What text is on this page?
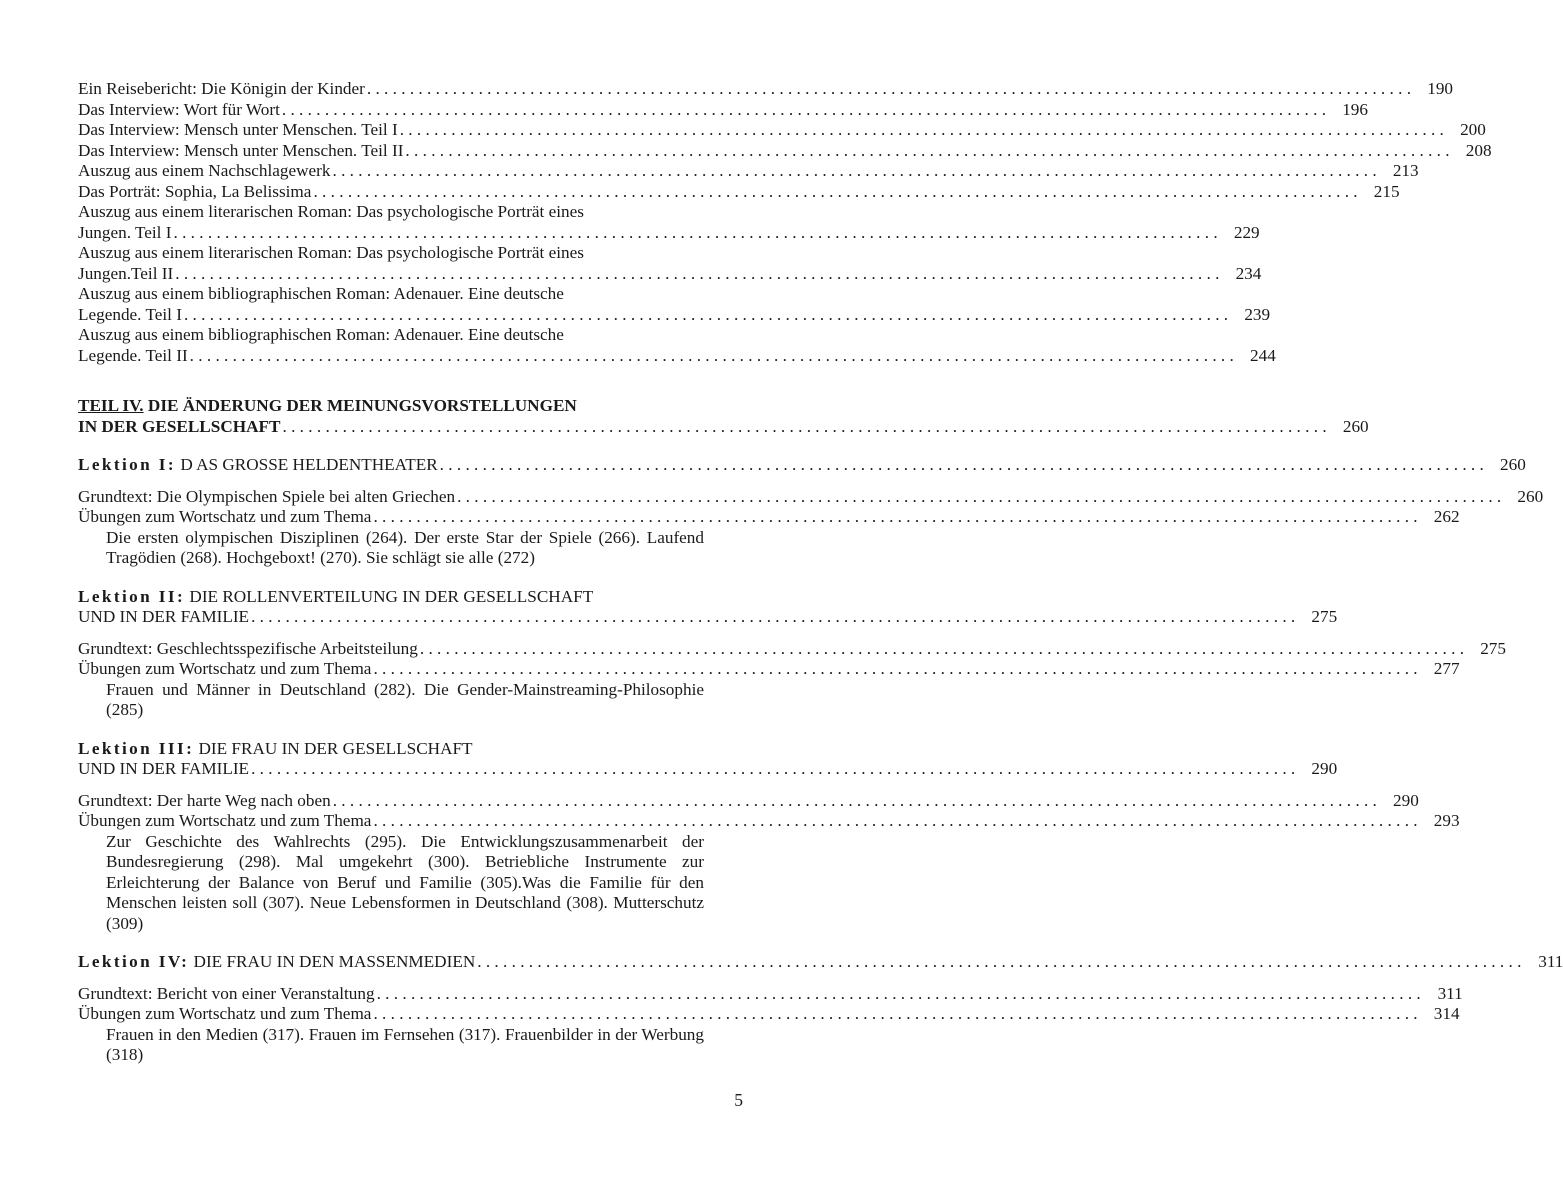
Ein Reisebericht: Die Königin der Kinder . . .	190
Das Interview: Wort für Wort . . .	196
Das Interview: Mensch unter Menschen. Teil I . . .	200
Das Interview: Mensch unter Menschen. Teil II . . .	208
Auszug aus einem Nachschlagewerk . . .	213
Das Porträt: Sophia, La Belissima . . .	215
Auszug aus einem literarischen Roman: Das psychologische Porträt eines
Jungen. Teil I . . .	229
Auszug aus einem literarischen Roman: Das psychologische Porträt eines
Jungen.Teil II . . .	234
Auszug aus einem bibliographischen Roman: Adenauer. Eine deutsche
Legende. Teil I . . .	239
Auszug aus einem bibliographischen Roman: Adenauer. Eine deutsche
Legende. Teil II . . .	244
TEIL IV. DIE ÄNDERUNG DER MEINUNGSVORSTELLUNGEN
IN DER GESELLSCHAFT . . .	260
Lektion I: D AS GROSSE HELDENTHEATER . . .	260
Grundtext: Die Olympischen Spiele bei alten Griechen . . .	260
Übungen zum Wortschatz und zum Thema . . .	262
Die ersten olympischen Disziplinen (264). Der erste Star der Spiele (266). Laufend Tragödien (268). Hochgeboxt! (270). Sie schlägt sie alle (272)
Lektion II: DIE ROLLENVERTEILUNG IN DER GESELLSCHAFT
UND IN DER FAMILIE . . .	275
Grundtext: Geschlechtsspezifische Arbeitsteilung . . .	275
Übungen zum Wortschatz und zum Thema . . .	277
Frauen und Männer in Deutschland (282). Die Gender-Mainstreaming-Philosophie (285)
Lektion III: DIE FRAU IN DER GESELLSCHAFT
UND IN DER FAMILIE . . .	290
Grundtext: Der harte Weg nach oben . . .	290
Übungen zum Wortschatz und zum Thema . . .	293
Zur Geschichte des Wahlrechts (295). Die Entwicklungszusammenarbeit der Bundesregierung (298). Mal umgekehrt (300). Betriebliche Instrumente zur Erleichterung der Balance von Beruf und Familie (305).Was die Familie für den Menschen leisten soll (307). Neue Lebensformen in Deutschland (308). Mutterschutz (309)
Lektion IV: DIE FRAU IN DEN MASSENMEDIEN . . .	311
Grundtext: Bericht von einer Veranstaltung . . .	311
Übungen zum Wortschatz und zum Thema . . .	314
Frauen in den Medien (317). Frauen im Fernsehen (317). Frauenbilder in der Werbung (318)
5
